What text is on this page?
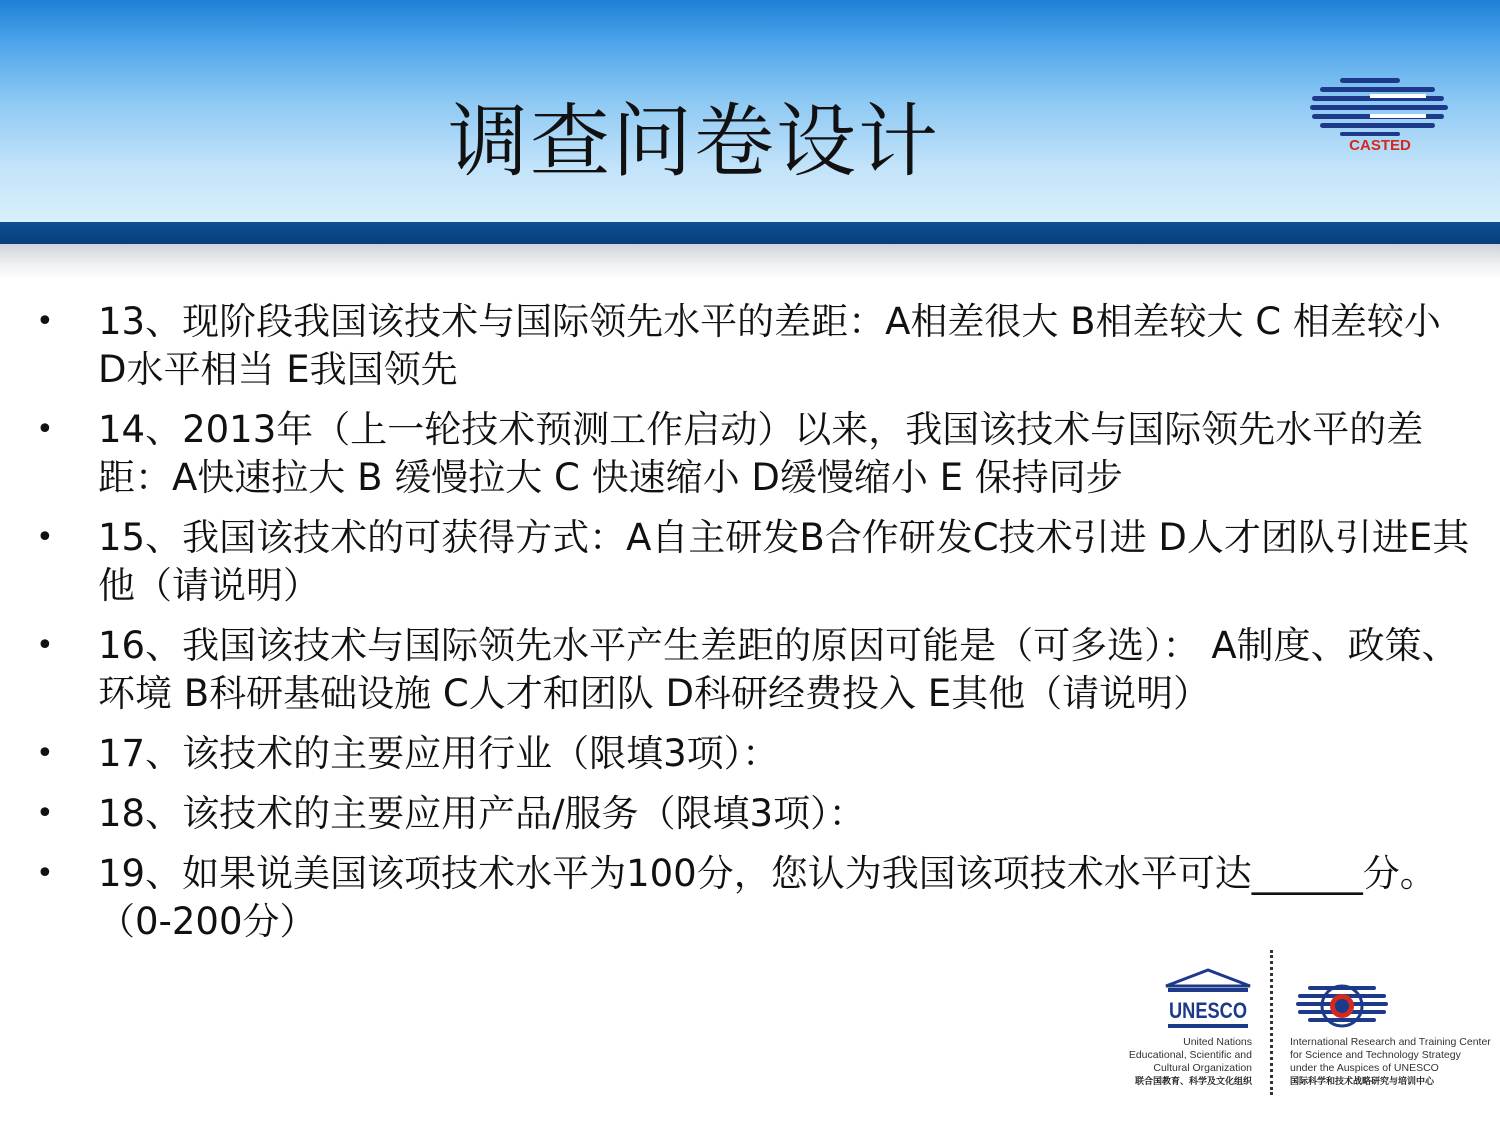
调查问卷设计	CASTED
• 13、现阶段我国该技术与国际领先水平的差距：A相差很大 B相差较大 C 相差较小 D水平相当 E我国领先
• 14、2013年（上一轮技术预测工作启动）以来，我国该技术与国际领先水平的差距：A快速拉大 B 缓慢拉大 C 快速缩小 D缓慢缩小 E 保持同步
• 15、我国该技术的可获得方式：A自主研发B合作研发C技术引进 D人才团队引进E其他（请说明）
• 16、我国该技术与国际领先水平产生差距的原因可能是（可多选）： A制度、政策、环境 B科研基础设施 C人才和团队 D科研经费投入 E其他（请说明）
• 17、该技术的主要应用行业（限填3项）：
• 18、该技术的主要应用产品/服务（限填3项）：
• 19、如果说美国该项技术水平为100分，您认为我国该项技术水平可达______分。（0-200分）
UNESCO
United Nations
Educational, Scientific and
Cultural Organization
联合国教育、科学及文化组织
International Research and Training Center
for Science and Technology Strategy
under the Auspices of UNESCO
国际科学和技术战略研究与培训中心
